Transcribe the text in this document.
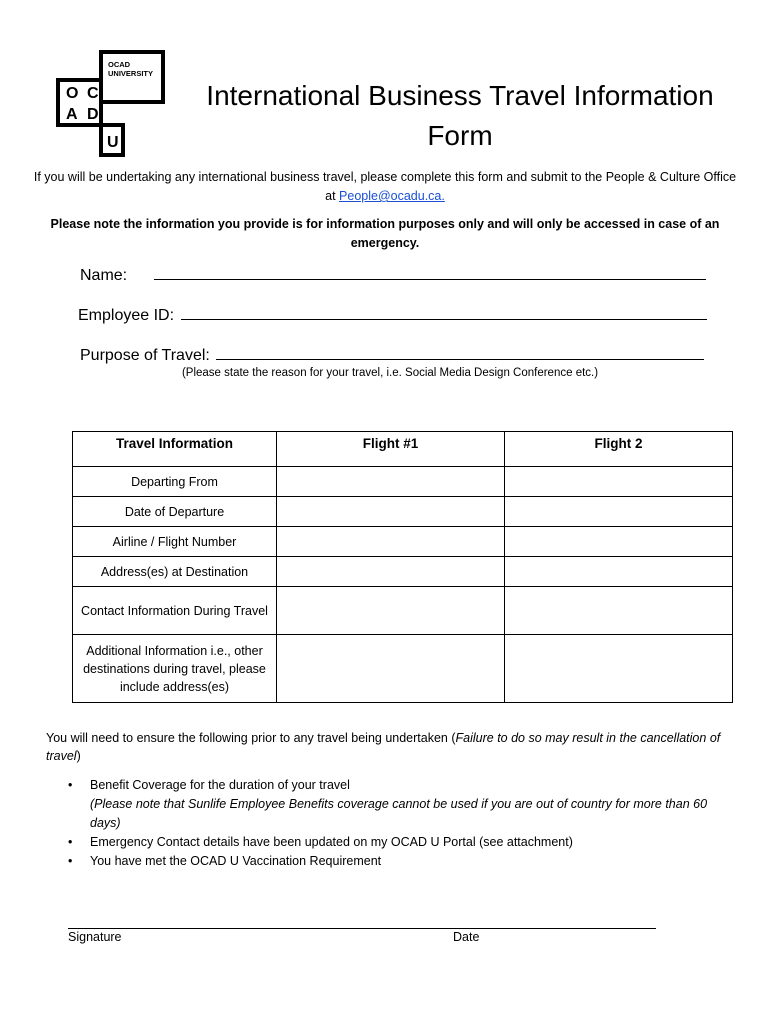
OCAD
UNIVERSITY
O C
A D
U
International Business Travel Information
Form
If you will be undertaking any international business travel, please complete this form and submit to the People & Culture Office at People@ocadu.ca.
Please note the information you provide is for information purposes only and will only be accessed in case of an emergency.
Name:
Employee ID:
Purpose of Travel:
(Please state the reason for your travel, i.e. Social Media Design Conference etc.)
Travel Information	Flight #1	Flight 2
Departing From		
Date of Departure		
Airline / Flight Number		
Address(es) at Destination		
Contact Information During Travel		
Additional Information i.e., other destinations during travel, please include address(es)		
You will need to ensure the following prior to any travel being undertaken (Failure to do so may result in the cancellation of travel)
• Benefit Coverage for the duration of your travel
(Please note that Sunlife Employee Benefits coverage cannot be used if you are out of country for more than 60 days)
• Emergency Contact details have been updated on my OCAD U Portal (see attachment)
• You have met the OCAD U Vaccination Requirement
Signature	Date
